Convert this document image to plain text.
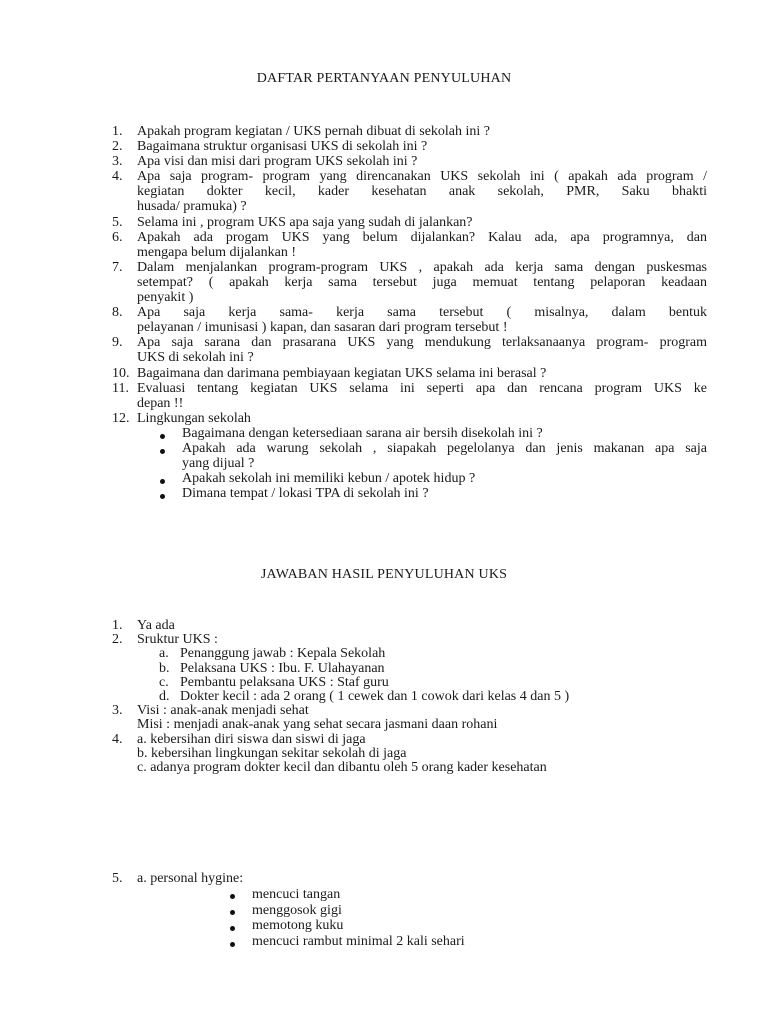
DAFTAR PERTANYAAN PENYULUHAN
1. Apakah program kegiatan / UKS pernah dibuat di sekolah ini ?
2. Bagaimana struktur organisasi UKS di sekolah ini ?
3. Apa visi dan misi dari program UKS sekolah ini ?
4. Apa saja program- program yang direncanakan UKS sekolah ini ( apakah ada program /
kegiatan dokter kecil, kader kesehatan anak sekolah, PMR, Saku bhakti
husada/ pramuka) ?
5. Selama ini , program UKS apa saja yang sudah di jalankan?
6. Apakah ada progam UKS yang belum dijalankan? Kalau ada, apa programnya, dan
mengapa belum dijalankan !
7. Dalam menjalankan program-program UKS , apakah ada kerja sama dengan puskesmas
setempat? ( apakah kerja sama tersebut juga memuat tentang pelaporan keadaan
penyakit )
8. Apa saja kerja sama- kerja sama tersebut ( misalnya, dalam bentuk
pelayanan / imunisasi ) kapan, dan sasaran dari program tersebut !
9. Apa saja sarana dan prasarana UKS yang mendukung terlaksanaanya program- program
UKS di sekolah ini ?
10. Bagaimana dan darimana pembiayaan kegiatan UKS selama ini berasal ?
11. Evaluasi tentang kegiatan UKS selama ini seperti apa dan rencana program UKS ke
depan !!
12. Lingkungan sekolah
Bagaimana dengan ketersediaan sarana air bersih disekolah ini ?
Apakah ada warung sekolah , siapakah pegelolanya dan jenis makanan apa saja
yang dijual ?
Apakah sekolah ini memiliki kebun / apotek hidup ?
Dimana tempat / lokasi TPA di sekolah ini ?
JAWABAN HASIL PENYULUHAN UKS
1. Ya ada
2. Sruktur UKS :
a. Penanggung jawab : Kepala Sekolah
b. Pelaksana UKS : Ibu. F. Ulahayanan
c. Pembantu pelaksana UKS : Staf guru
d. Dokter kecil : ada 2 orang ( 1 cewek dan 1 cowok dari kelas 4 dan 5 )
3. Visi : anak-anak menjadi sehat
Misi : menjadi anak-anak yang sehat secara jasmani daan rohani
4. a. kebersihan diri siswa dan siswi di jaga
b. kebersihan lingkungan sekitar sekolah di jaga
c. adanya program dokter kecil dan dibantu oleh 5 orang kader kesehatan
5. a. personal hygine:
mencuci tangan
menggosok gigi
memotong kuku
mencuci rambut minimal 2 kali sehari
